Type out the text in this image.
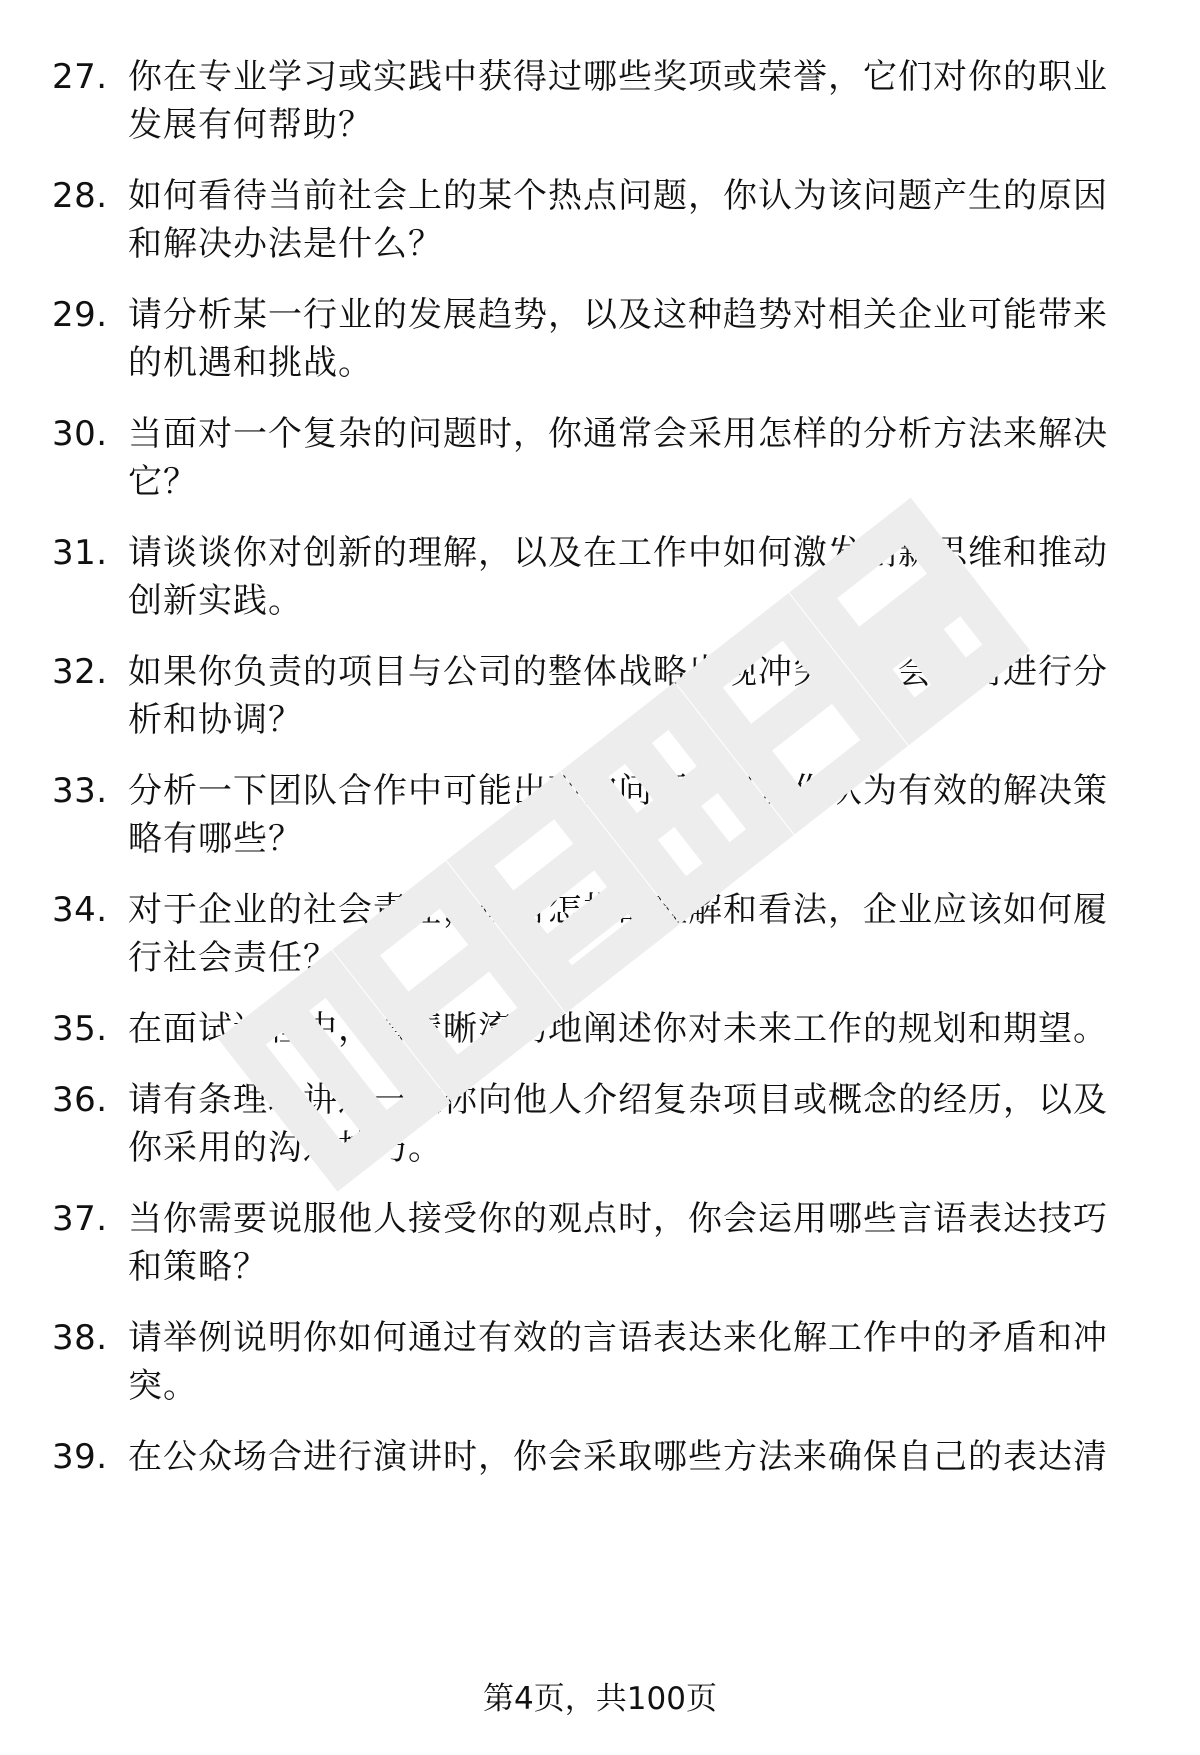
27. 你在专业学习或实践中获得过哪些奖项或荣誉，它们对你的职业
发展有何帮助？
28. 如何看待当前社会上的某个热点问题，你认为该问题产生的原因
和解决办法是什么？
29. 请分析某一行业的发展趋势，以及这种趋势对相关企业可能带来
的机遇和挑战。
30. 当面对一个复杂的问题时，你通常会采用怎样的分析方法来解决
它？
31. 请谈谈你对创新的理解，以及在工作中如何激发创新思维和推动
创新实践。
32. 如果你负责的项目与公司的整体战略出现冲突，你会如何进行分
析和协调？
33. 分析一下团队合作中可能出现的问题，以及你认为有效的解决策
略有哪些？
34. 对于企业的社会责任，你有怎样的理解和看法，企业应该如何履
行社会责任？
35. 在面试过程中，请清晰流畅地阐述你对未来工作的规划和期望。
36. 请有条理地讲述一次你向他人介绍复杂项目或概念的经历，以及
你采用的沟通技巧。
37. 当你需要说服他人接受你的观点时，你会运用哪些言语表达技巧
和策略？
38. 请举例说明你如何通过有效的言语表达来化解工作中的矛盾和冲
突。
39. 在公众场合进行演讲时，你会采取哪些方法来确保自己的表达清
第4页，共100页
